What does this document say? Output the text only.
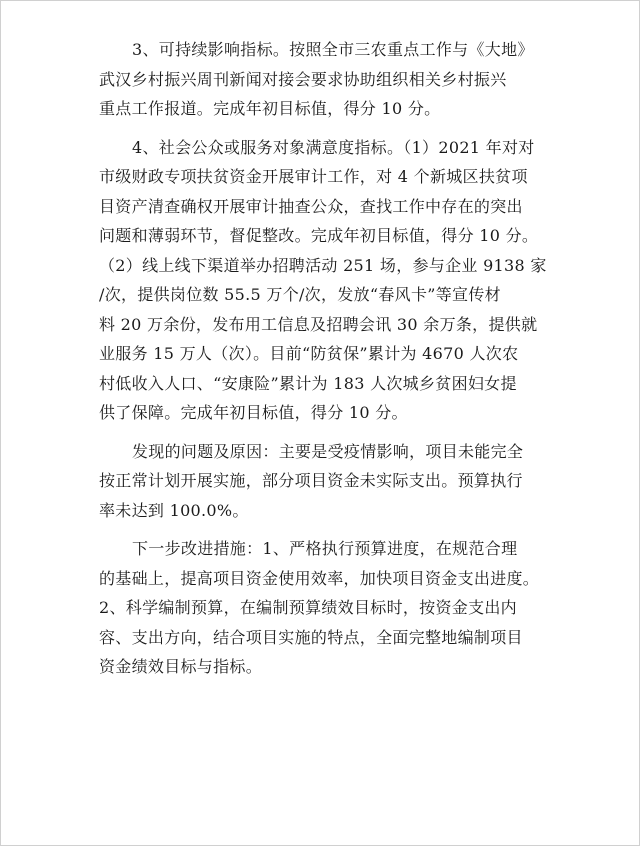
3、可持续影响指标。按照全市三农重点工作与《大地》
武汉乡村振兴周刊新闻对接会要求协助组织相关乡村振兴
重点工作报道。完成年初目标值，得分 10 分。
4、社会公众或服务对象满意度指标。（1）2021 年对对
市级财政专项扶贫资金开展审计工作，对 4 个新城区扶贫项
目资产清查确权开展审计抽查公众，查找工作中存在的突出
问题和薄弱环节，督促整改。完成年初目标值，得分 10 分。
（2）线上线下渠道举办招聘活动 251 场，参与企业 9138 家
/次，提供岗位数 55.5 万个/次，发放“春风卡”等宣传材
料 20 万余份，发布用工信息及招聘会讯 30 余万条，提供就
业服务 15 万人（次）。目前“防贫保”累计为 4670 人次农
村低收入人口、“安康险”累计为 183 人次城乡贫困妇女提
供了保障。完成年初目标值，得分 10 分。
发现的问题及原因：主要是受疫情影响，项目未能完全
按正常计划开展实施，部分项目资金未实际支出。预算执行
率未达到 100.0%。
下一步改进措施：1、严格执行预算进度，在规范合理
的基础上，提高项目资金使用效率，加快项目资金支出进度。
2、科学编制预算，在编制预算绩效目标时，按资金支出内
容、支出方向，结合项目实施的特点，全面完整地编制项目
资金绩效目标与指标。
